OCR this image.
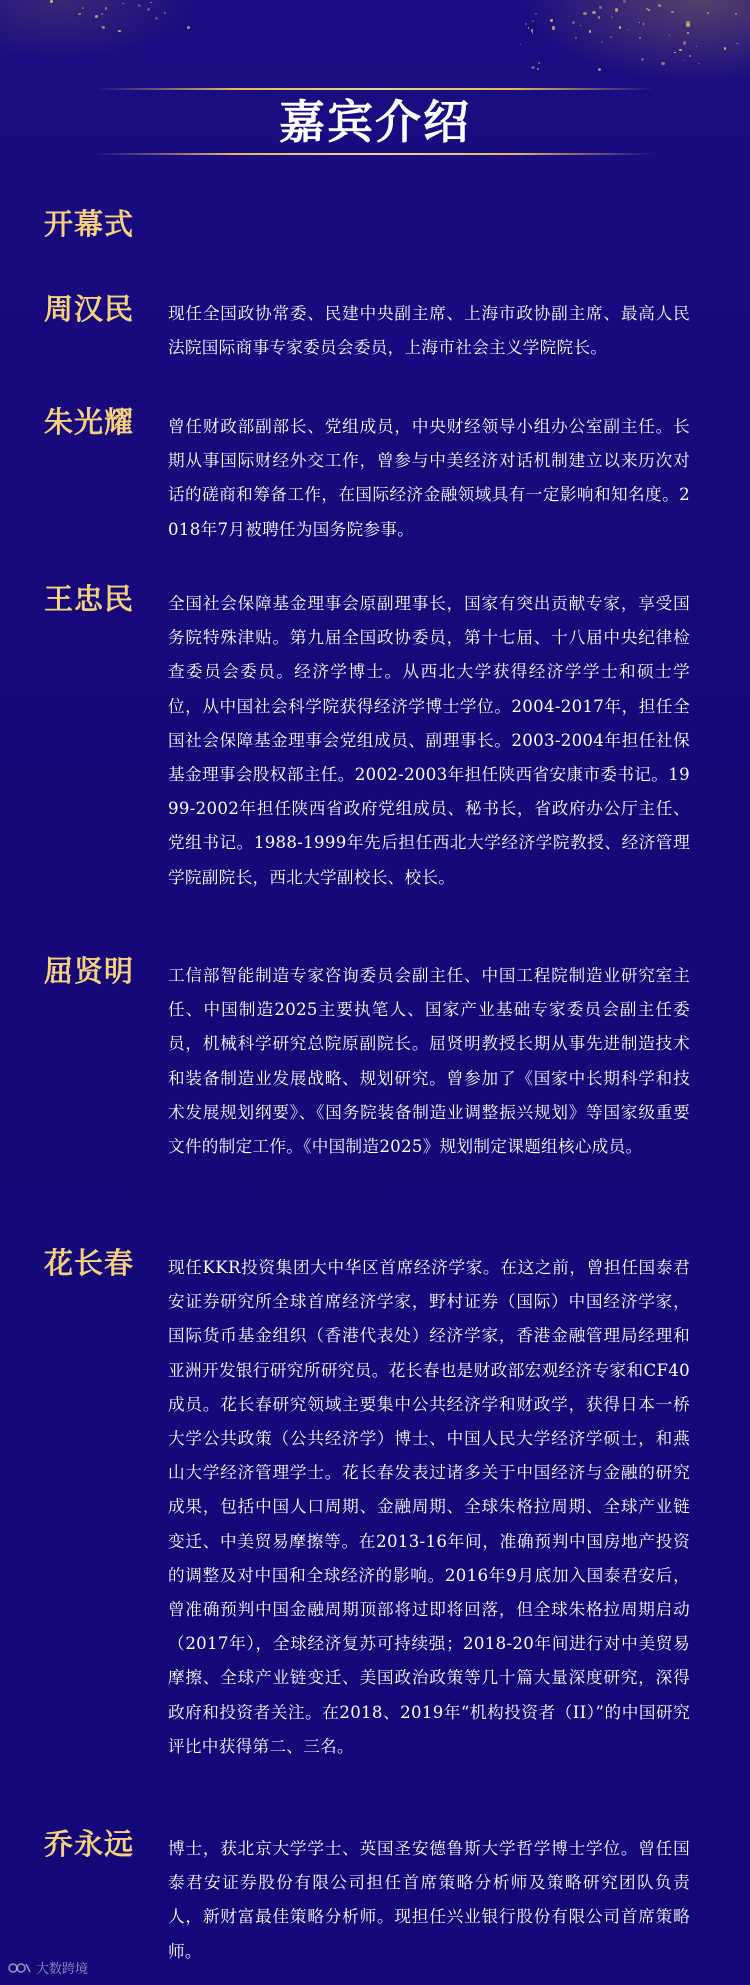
嘉宾介绍
开幕式
周汉民 现任全国政协常委、民建中央副主席、上海市政协副主席、最高人民法院国际商事专家委员会委员，上海市社会主义学院院长。
朱光耀 曾任财政部副部长、党组成员，中央财经领导小组办公室副主任。长期从事国际财经外交工作，曾参与中美经济对话机制建立以来历次对话的磋商和筹备工作，在国际经济金融领域具有一定影响和知名度。2018年7月被聘任为国务院参事。
王忠民 全国社会保障基金理事会原副理事长，国家有突出贡献专家，享受国务院特殊津贴。第九届全国政协委员，第十七届、十八届中央纪律检查委员会委员。经济学博士。从西北大学获得经济学学士和硕士学位，从中国社会科学院获得经济学博士学位。2004-2017年，担任全国社会保障基金理事会党组成员、副理事长。2003-2004年担任社保基金理事会股权部主任。2002-2003年担任陕西省安康市委书记。1999-2002年担任陕西省政府党组成员、秘书长，省政府办公厅主任、党组书记。1988-1999年先后担任西北大学经济学院教授、经济管理学院副院长，西北大学副校长、校长。
屈贤明 工信部智能制造专家咨询委员会副主任、中国工程院制造业研究室主任、中国制造2025主要执笔人、国家产业基础专家委员会副主任委员，机械科学研究总院原副院长。屈贤明教授长期从事先进制造技术和装备制造业发展战略、规划研究。曾参加了《国家中长期科学和技术发展规划纲要》、《国务院装备制造业调整振兴规划》等国家级重要文件的制定工作。《中国制造2025》规划制定课题组核心成员。
花长春 现任KKR投资集团大中华区首席经济学家。在这之前，曾担任国泰君安证券研究所全球首席经济学家，野村证券（国际）中国经济学家，国际货币基金组织（香港代表处）经济学家，香港金融管理局经理和亚洲开发银行研究所研究员。花长春也是财政部宏观经济专家和CF40成员。花长春研究领域主要集中公共经济学和财政学，获得日本一桥大学公共政策（公共经济学）博士、中国人民大学经济学硕士，和燕山大学经济管理学士。花长春发表过诸多关于中国经济与金融的研究成果，包括中国人口周期、金融周期、全球朱格拉周期、全球产业链变迁、中美贸易摩擦等。在2013-16年间，准确预判中国房地产投资的调整及对中国和全球经济的影响。2016年9月底加入国泰君安后，曾准确预判中国金融周期顶部将过即将回落，但全球朱格拉周期启动（2017年），全球经济复苏可持续强；2018-20年间进行对中美贸易摩擦、全球产业链变迁、美国政治政策等几十篇大量深度研究，深得政府和投资者关注。在2018、2019年“机构投资者（II）”的中国研究评比中获得第二、三名。
乔永远 博士，获北京大学学士、英国圣安德鲁斯大学哲学博士学位。曾任国泰君安证券股份有限公司担任首席策略分析师及策略研究团队负责人，新财富最佳策略分析师。现担任兴业银行股份有限公司首席策略师。
大数跨境
